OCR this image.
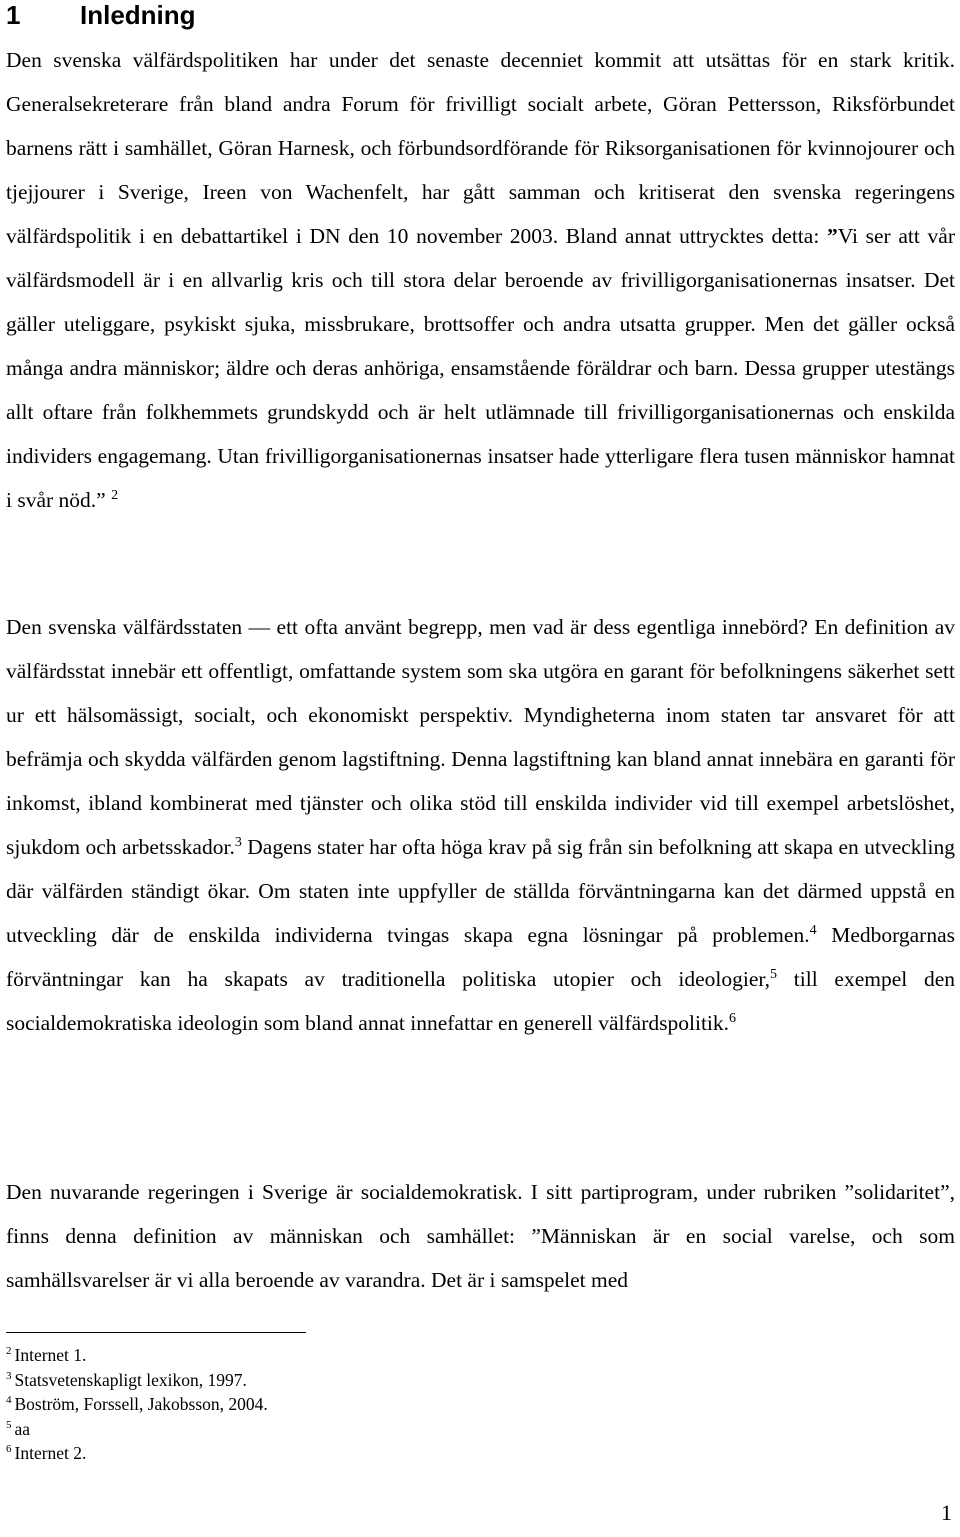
1 Inledning

Den svenska välfärdspolitiken har under det senaste decenniet kommit att utsättas för en stark kritik. Generalsekreterare från bland andra Forum för frivilligt socialt arbete, Göran Pettersson, Riksförbundet barnens rätt i samhället, Göran Harnesk, och förbundsordförande för Riksorganisationen för kvinnojourer och tjejjourer i Sverige, Ireen von Wachenfelt, har gått samman och kritiserat den svenska regeringens välfärdspolitik i en debattartikel i DN den 10 november 2003. Bland annat uttrycktes detta: ”Vi ser att vår välfärdsmodell är i en allvarlig kris och till stora delar beroende av frivilligorganisationernas insatser. Det gäller uteliggare, psykiskt sjuka, missbrukare, brottsoffer och andra utsatta grupper. Men det gäller också många andra människor; äldre och deras anhöriga, ensamstående föräldrar och barn. Dessa grupper utestängs allt oftare från folkhemmets grundskydd och är helt utlämnade till frivilligorganisationernas och enskilda individers engagemang. Utan frivilligorganisationernas insatser hade ytterligare flera tusen människor hamnat i svår nöd.” $^2$

Den svenska välfärdsstaten — ett ofta använt begrepp, men vad är dess egentliga innebörd? En definition av välfärdsstat innebär ett offentligt, omfattande system som ska utgöra en garant för befolkningens säkerhet sett ur ett hälsomässigt, socialt, och ekonomiskt perspektiv. Myndigheterna inom staten tar ansvaret för att befrämja och skydda välfärden genom lagstiftning. Denna lagstiftning kan bland annat innebära en garanti för inkomst, ibland kombinerat med tjänster och olika stöd till enskilda individer vid till exempel arbetslöshet, sjukdom och arbetsskador.$^3$ Dagens stater har ofta höga krav på sig från sin befolkning att skapa en utveckling där välfärden ständigt ökar. Om staten inte uppfyller de ställda förväntningarna kan det därmed uppstå en utveckling där de enskilda individerna tvingas skapa egna lösningar på problemen.$^4$ Medborgarnas förväntningar kan ha skapats av traditionella politiska utopier och ideologier,$^5$ till exempel den socialdemokratiska ideologin som bland annat innefattar en generell välfärdspolitik.$^6$

Den nuvarande regeringen i Sverige är socialdemokratisk. I sitt partiprogram, under rubriken ”solidaritet”, finns denna definition av människan och samhället: ”Människan är en social varelse, och som samhällsvarelser är vi alla beroende av varandra. Det är i samspelet med

$^2$ Internet 1.
$^3$ Statsvetenskapligt lexikon, 1997.
$^4$ Boström, Forssell, Jakobsson, 2004.
$^5$ aa
$^6$ Internet 2.
1
